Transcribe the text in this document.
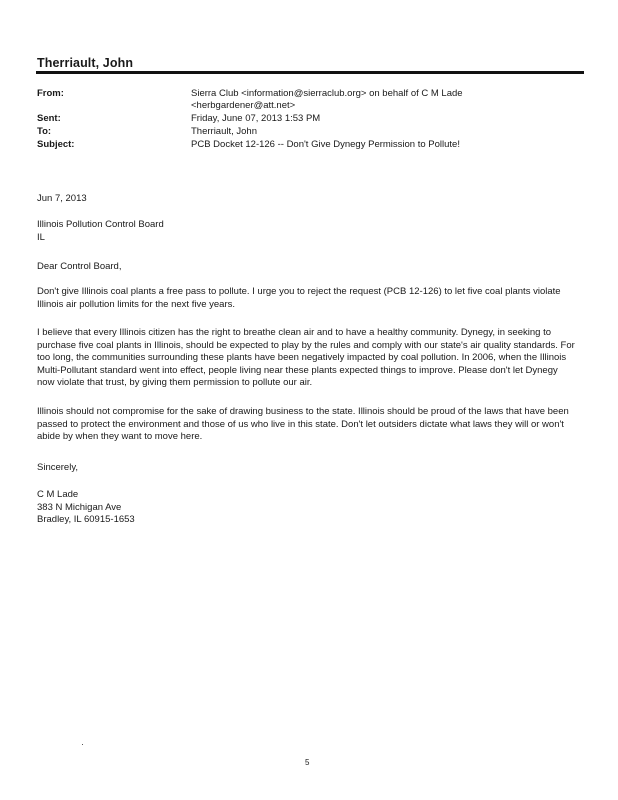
Therriault, John
From:	Sierra Club <information@sierraclub.org> on behalf of C M Lade
<herbgardener@att.net>
Sent:	Friday, June 07, 2013 1:53 PM
To:	Therriault, John
Subject:	PCB Docket 12-126 -- Don't Give Dynegy Permission to Pollute!
Jun 7, 2013

Illinois Pollution Control Board

IL

Dear Control Board,

Don't give Illinois coal plants a free pass to pollute. I urge you to reject the request (PCB 12-126) to let five coal plants violate Illinois air pollution limits for the next five years.

I believe that every Illinois citizen has the right to breathe clean air and to have a healthy community. Dynegy, in seeking to purchase five coal plants in Illinois, should be expected to play by the rules and comply with our state's air quality standards. For too long, the communities surrounding these plants have been negatively impacted by coal pollution. In 2006, when the Illinois Multi-Pollutant standard went into effect, people living near these plants expected things to improve. Please don't let Dynegy now violate that trust, by giving them permission to pollute our air.

Illinois should not compromise for the sake of drawing business to the state. Illinois should be proud of the laws that have been passed to protect the environment and those of us who live in this state. Don't let outsiders dictate what laws they will or won't abide by when they want to move here.

Sincerely,

C M Lade

383 N Michigan Ave

Bradley, IL 60915-1653

5
